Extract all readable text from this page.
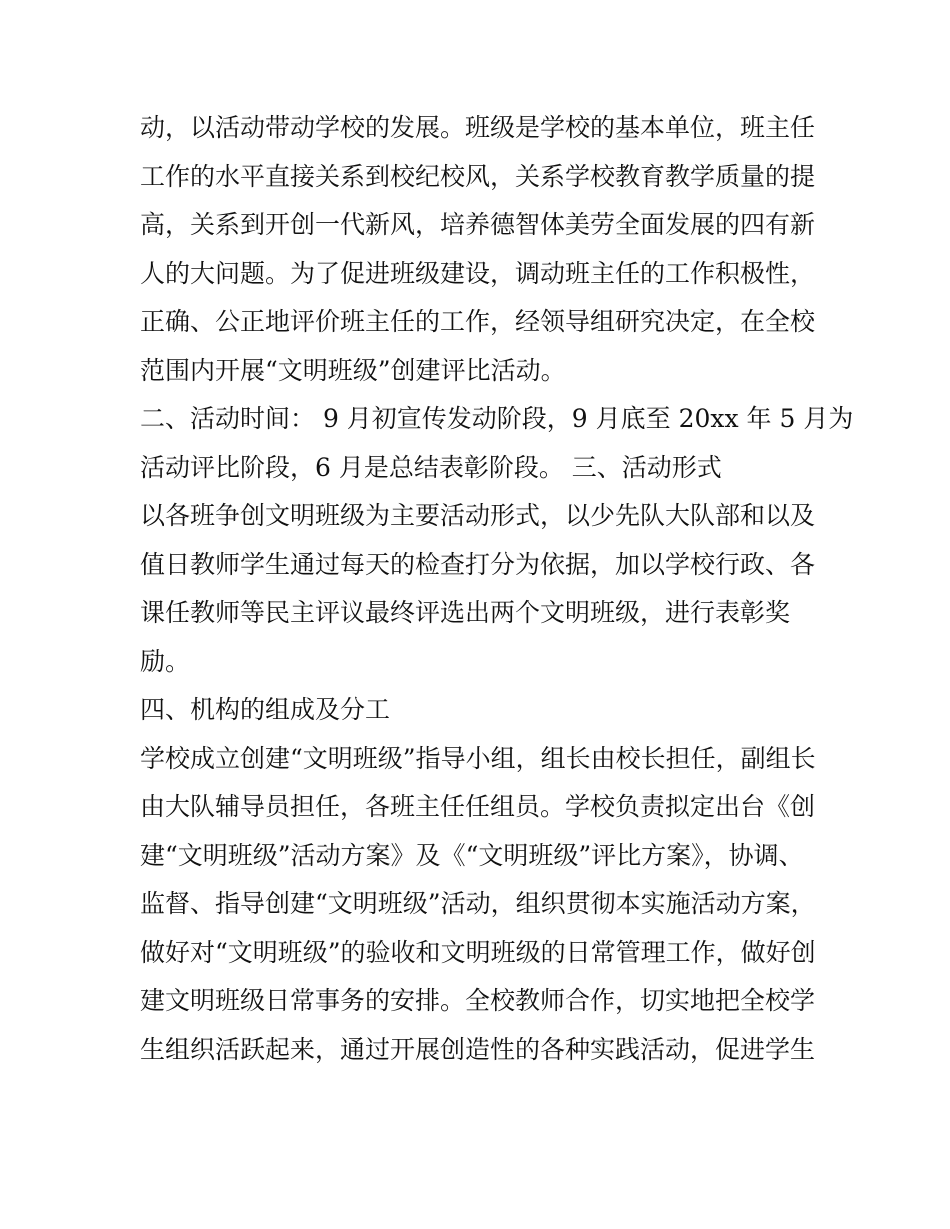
动，以活动带动学校的发展。班级是学校的基本单位，班主任
工作的水平直接关系到校纪校风，关系学校教育教学质量的提
高，关系到开创一代新风，培养德智体美劳全面发展的四有新
人的大问题。为了促进班级建设，调动班主任的工作积极性，
正确、公正地评价班主任的工作，经领导组研究决定，在全校
范围内开展“文明班级”创建评比活动。
二、活动时间： 9 月初宣传发动阶段，9 月底至 20xx 年 5 月为
活动评比阶段，6 月是总结表彰阶段。 三、活动形式
以各班争创文明班级为主要活动形式，以少先队大队部和以及
值日教师学生通过每天的检查打分为依据，加以学校行政、各
课任教师等民主评议最终评选出两个文明班级，进行表彰奖
励。
四、机构的组成及分工
学校成立创建“文明班级”指导小组，组长由校长担任，副组长
由大队辅导员担任，各班主任任组员。学校负责拟定出台《创
建“文明班级”活动方案》及《“文明班级”评比方案》，协调、
监督、指导创建“文明班级”活动，组织贯彻本实施活动方案，
做好对“文明班级”的验收和文明班级的日常管理工作，做好创
建文明班级日常事务的安排。全校教师合作，切实地把全校学
生组织活跃起来，通过开展创造性的各种实践活动，促进学生
